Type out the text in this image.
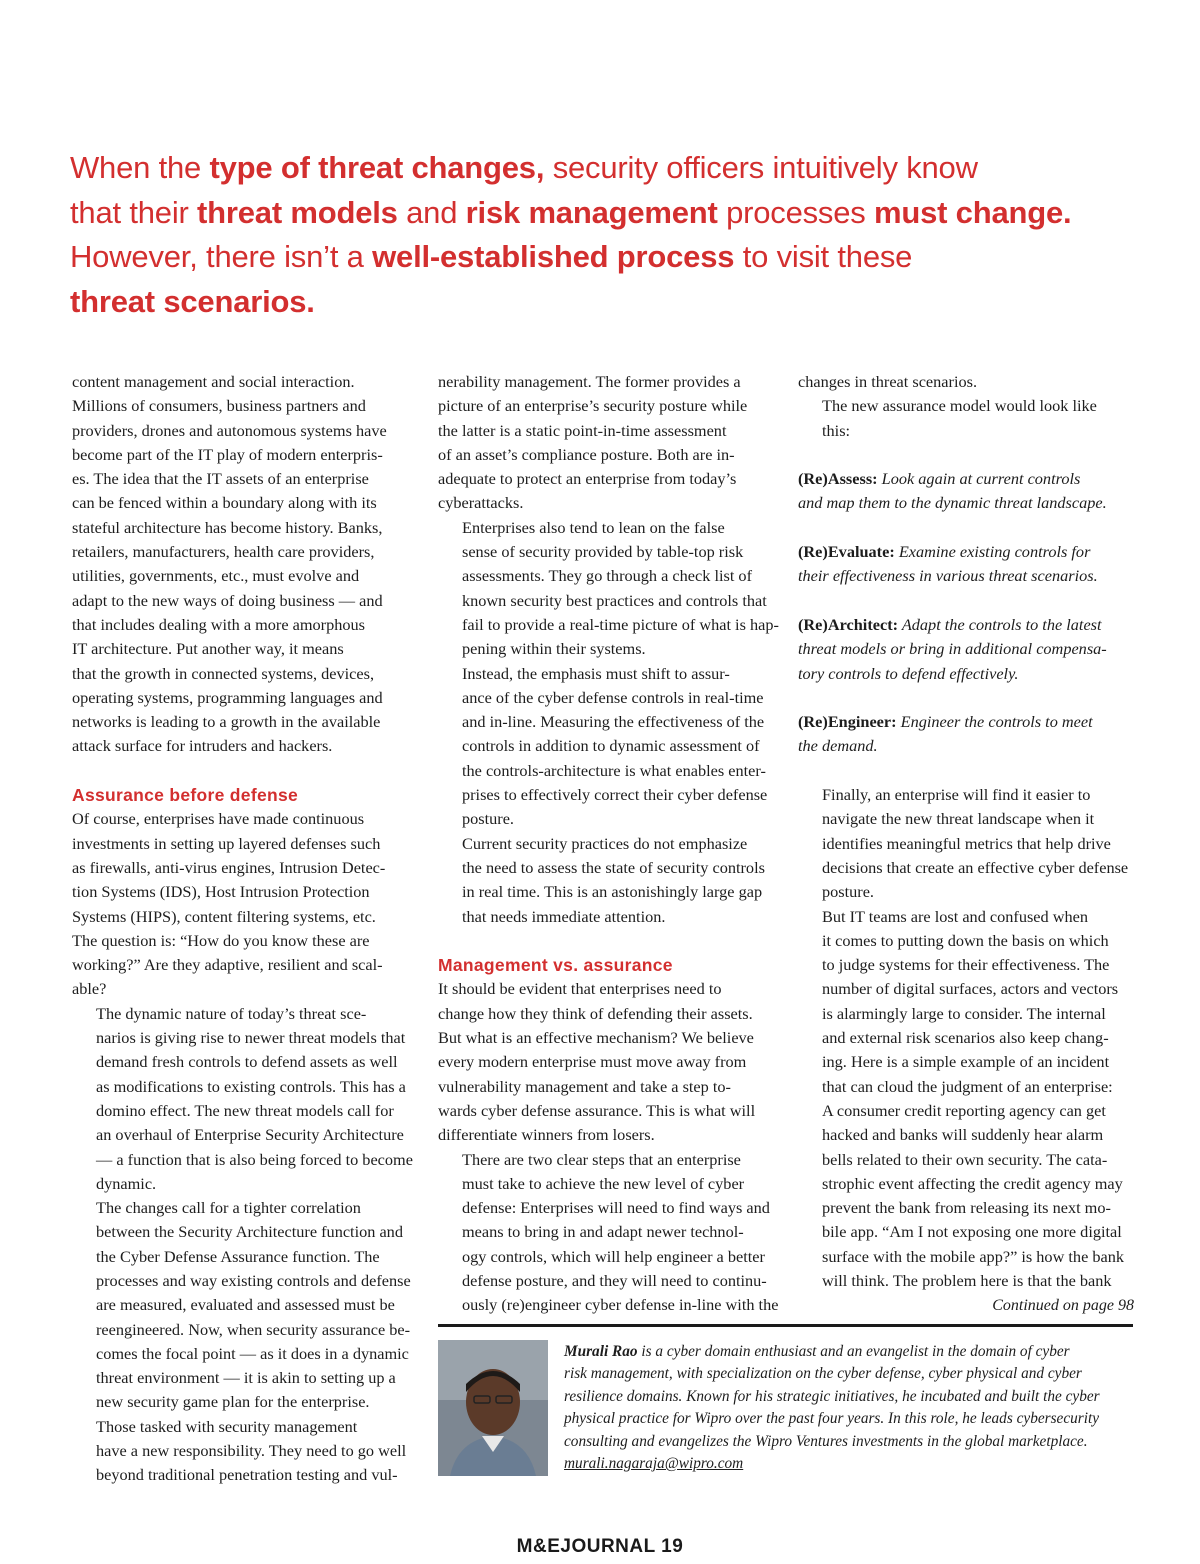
When the type of threat changes, security officers intuitively know
that their threat models and risk management processes must change.
However, there isn’t a well-established process to visit these
threat scenarios.

content management and social interaction.
Millions of consumers, business partners and
providers, drones and autonomous systems have
become part of the IT play of modern enterpris-
es. The idea that the IT assets of an enterprise
can be fenced within a boundary along with its
stateful architecture has become history. Banks,
retailers, manufacturers, health care providers,
utilities, governments, etc., must evolve and
adapt to the new ways of doing business — and
that includes dealing with a more amorphous
IT architecture. Put another way, it means
that the growth in connected systems, devices,
operating systems, programming languages and
networks is leading to a growth in the available
attack surface for intruders and hackers.

Assurance before defense

Of course, enterprises have made continuous
investments in setting up layered defenses such
as firewalls, anti-virus engines, Intrusion Detec-
tion Systems (IDS), Host Intrusion Protection
Systems (HIPS), content filtering systems, etc.
The question is: “How do you know these are
working?” Are they adaptive, resilient and scal-
able?

The dynamic nature of today’s threat sce-
narios is giving rise to newer threat models that
demand fresh controls to defend assets as well
as modifications to existing controls. This has a
domino effect. The new threat models call for
an overhaul of Enterprise Security Architecture
— a function that is also being forced to become
dynamic.

The changes call for a tighter correlation
between the Security Architecture function and
the Cyber Defense Assurance function. The
processes and way existing controls and defense
are measured, evaluated and assessed must be
reengineered. Now, when security assurance be-
comes the focal point — as it does in a dynamic
threat environment — it is akin to setting up a
new security game plan for the enterprise.

Those tasked with security management
have a new responsibility. They need to go well
beyond traditional penetration testing and vul-

nerability management. The former provides a
picture of an enterprise’s security posture while
the latter is a static point-in-time assessment
of an asset’s compliance posture. Both are in-
adequate to protect an enterprise from today’s
cyberattacks.

Enterprises also tend to lean on the false
sense of security provided by table-top risk
assessments. They go through a check list of
known security best practices and controls that
fail to provide a real-time picture of what is hap-
pening within their systems.

Instead, the emphasis must shift to assur-
ance of the cyber defense controls in real-time
and in-line. Measuring the effectiveness of the
controls in addition to dynamic assessment of
the controls-architecture is what enables enter-
prises to effectively correct their cyber defense
posture.

Current security practices do not emphasize
the need to assess the state of security controls
in real time. This is an astonishingly large gap
that needs immediate attention.

Management vs. assurance

It should be evident that enterprises need to
change how they think of defending their assets.
But what is an effective mechanism? We believe
every modern enterprise must move away from
vulnerability management and take a step to-
wards cyber defense assurance. This is what will
differentiate winners from losers.

There are two clear steps that an enterprise
must take to achieve the new level of cyber
defense: Enterprises will need to find ways and
means to bring in and adapt newer technol-
ogy controls, which will help engineer a better
defense posture, and they will need to continu-
ously (re)engineer cyber defense in-line with the

changes in threat scenarios.

The new assurance model would look like
this:

(Re)Assess: Look again at current controls
and map them to the dynamic threat landscape.
(Re)Evaluate: Examine existing controls for
their effectiveness in various threat scenarios.
(Re)Architect: Adapt the controls to the latest
threat models or bring in additional compensa-
tory controls to defend effectively.
(Re)Engineer: Engineer the controls to meet
the demand.

Finally, an enterprise will find it easier to
navigate the new threat landscape when it
identifies meaningful metrics that help drive
decisions that create an effective cyber defense
posture.

But IT teams are lost and confused when
it comes to putting down the basis on which
to judge systems for their effectiveness. The
number of digital surfaces, actors and vectors
is alarmingly large to consider. The internal
and external risk scenarios also keep chang-
ing. Here is a simple example of an incident
that can cloud the judgment of an enterprise:
A consumer credit reporting agency can get
hacked and banks will suddenly hear alarm
bells related to their own security. The cata-
strophic event affecting the credit agency may
prevent the bank from releasing its next mo-
bile app. “Am I not exposing one more digital
surface with the mobile app?” is how the bank
will think. The problem here is that the bank

Continued on page 98
Murali Rao is a cyber domain enthusiast and an evangelist in the domain of cyber
risk management, with specialization on the cyber defense, cyber physical and cyber
resilience domains. Known for his strategic initiatives, he incubated and built the cyber
physical practice for Wipro over the past four years. In this role, he leads cybersecurity
consulting and evangelizes the Wipro Ventures investments in the global marketplace.
murali.nagaraja@wipro.com
M&EJOURNAL 19
